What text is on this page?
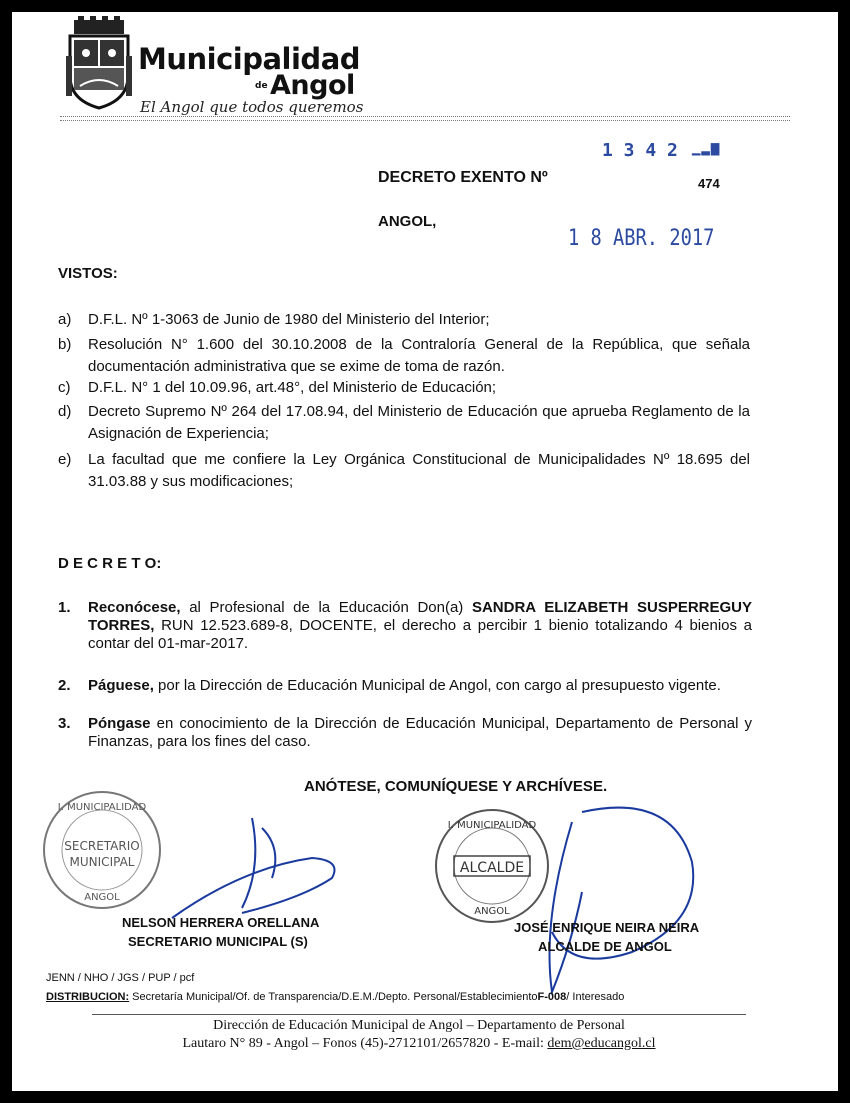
Municipalidad
de Angol
El Angol que todos queremos
1 3 4 2 ▁▂▆
474
DECRETO EXENTO Nº
ANGOL,
1 8 ABR. 2017
VISTOS:
a) D.F.L. Nº 1-3063 de Junio de 1980 del Ministerio del Interior;
b) Resolución N° 1.600 del 30.10.2008 de la Contraloría General de la República, que señala documentación administrativa que se exime de toma de razón.
c) D.F.L. N° 1 del 10.09.96, art.48°, del Ministerio de Educación;
d) Decreto Supremo Nº 264 del 17.08.94, del Ministerio de Educación que aprueba Reglamento de la Asignación de Experiencia;
e) La facultad que me confiere la Ley Orgánica Constitucional de Municipalidades Nº 18.695 del 31.03.88 y sus modificaciones;
D E C R E T O:
1. Reconócese, al Profesional de la Educación Don(a) SANDRA ELIZABETH SUSPERREGUY TORRES, RUN 12.523.689-8, DOCENTE, el derecho a percibir 1 bienio totalizando 4 bienios a contar del 01-mar-2017.
2. Páguese, por la Dirección de Educación Municipal de Angol, con cargo al presupuesto vigente.
3. Póngase en conocimiento de la Dirección de Educación Municipal, Departamento de Personal y Finanzas, para los fines del caso.
ANÓTESE, COMUNÍQUESE Y ARCHÍVESE.
I. MUNICIPALIDAD
SECRETARIO
MUNICIPAL
ANGOL
NELSON HERRERA ORELLANA
SECRETARIO MUNICIPAL (S)
I. MUNICIPALIDAD
ALCALDE
ANGOL
JOSÉ ENRIQUE NEIRA NEIRA
ALCALDE DE ANGOL
JENN / NHO / JGS / PUP / pcf
DISTRIBUCION: Secretaría Municipal/Of. de Transparencia/D.E.M./Depto. Personal/EstablecimientoF-008/ Interesado
Dirección de Educación Municipal de Angol – Departamento de Personal
Lautaro N° 89 - Angol – Fonos (45)-2712101/2657820 - E-mail: dem@educangol.cl
